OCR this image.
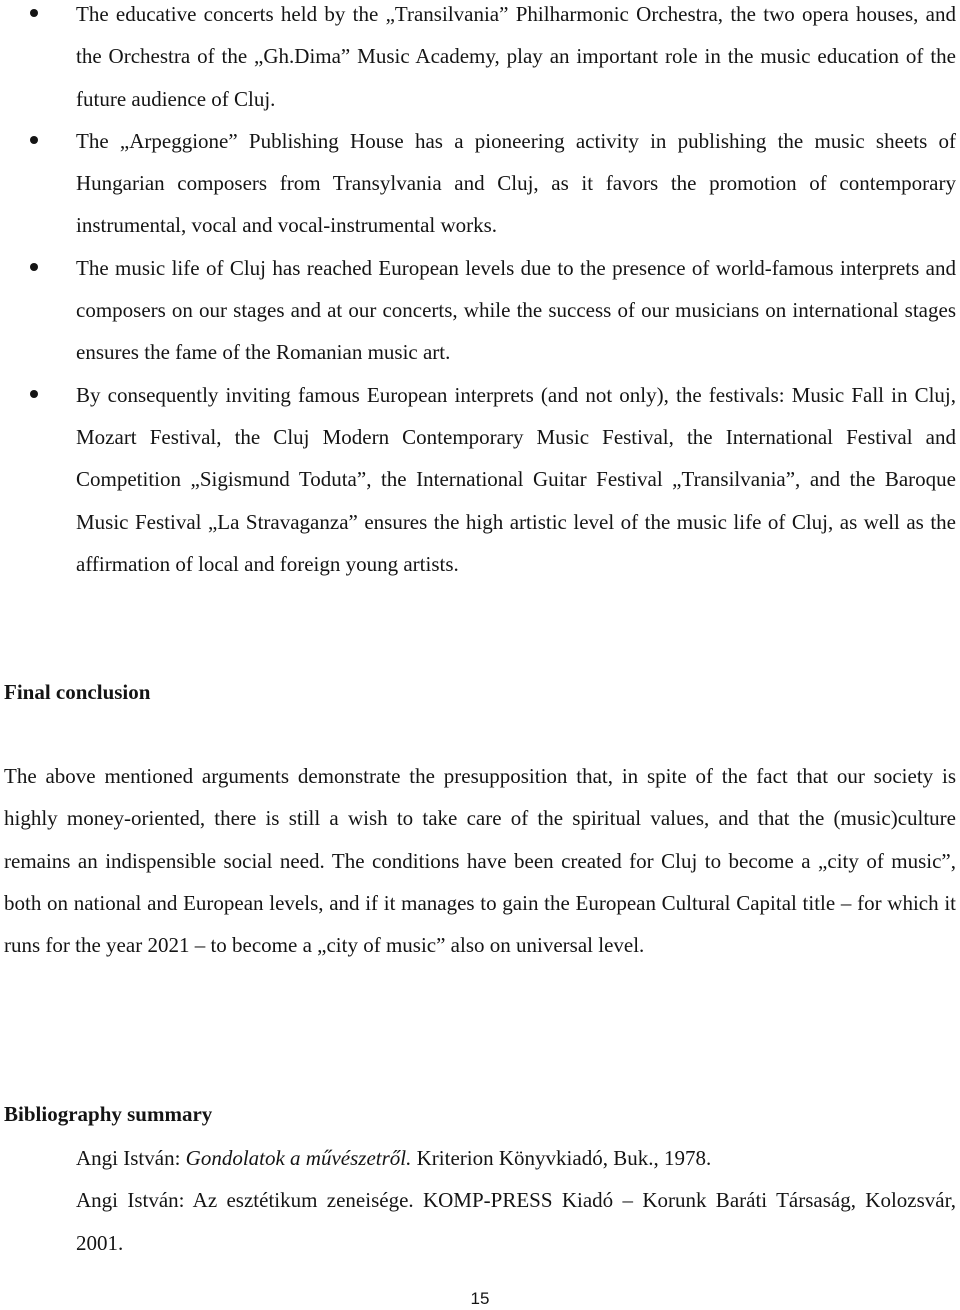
The educative concerts held by the „Transilvania” Philharmonic Orchestra, the two opera houses, and the Orchestra of the „Gh.Dima” Music Academy, play an important role in the music education of the future audience of Cluj.
The „Arpeggione” Publishing House has a pioneering activity in publishing the music sheets of Hungarian composers from Transylvania and Cluj, as it favors the promotion of contemporary instrumental, vocal and vocal-instrumental works.
The music life of Cluj has reached European levels due to the presence of world-famous interprets and composers on our stages and at our concerts, while the success of our musicians on international stages ensures the fame of the Romanian music art.
By consequently inviting famous European interprets (and not only), the festivals: Music Fall in Cluj, Mozart Festival, the Cluj Modern Contemporary Music Festival, the International Festival and Competition „Sigismund Toduta”, the International Guitar Festival „Transilvania”, and the Baroque Music Festival „La Stravaganza” ensures the high artistic level of the music life of Cluj, as well as the affirmation of local and foreign young artists.
Final conclusion

The above mentioned arguments demonstrate the presupposition that, in spite of the fact that our society is highly money-oriented, there is still a wish to take care of the spiritual values, and that the (music)culture remains an indispensible social need. The conditions have been created for Cluj to become a „city of music”, both on national and European levels, and if it manages to gain the European Cultural Capital title – for which it runs for the year 2021 – to become a „city of music” also on universal level.

Bibliography summary
Angi István: Gondolatok a művészetről. Kriterion Könyvkiadó, Buk., 1978.
Angi István: Az esztétikum zeneisége. KOMP-PRESS Kiadó – Korunk Baráti Társaság, Kolozsvár, 2001.
15
